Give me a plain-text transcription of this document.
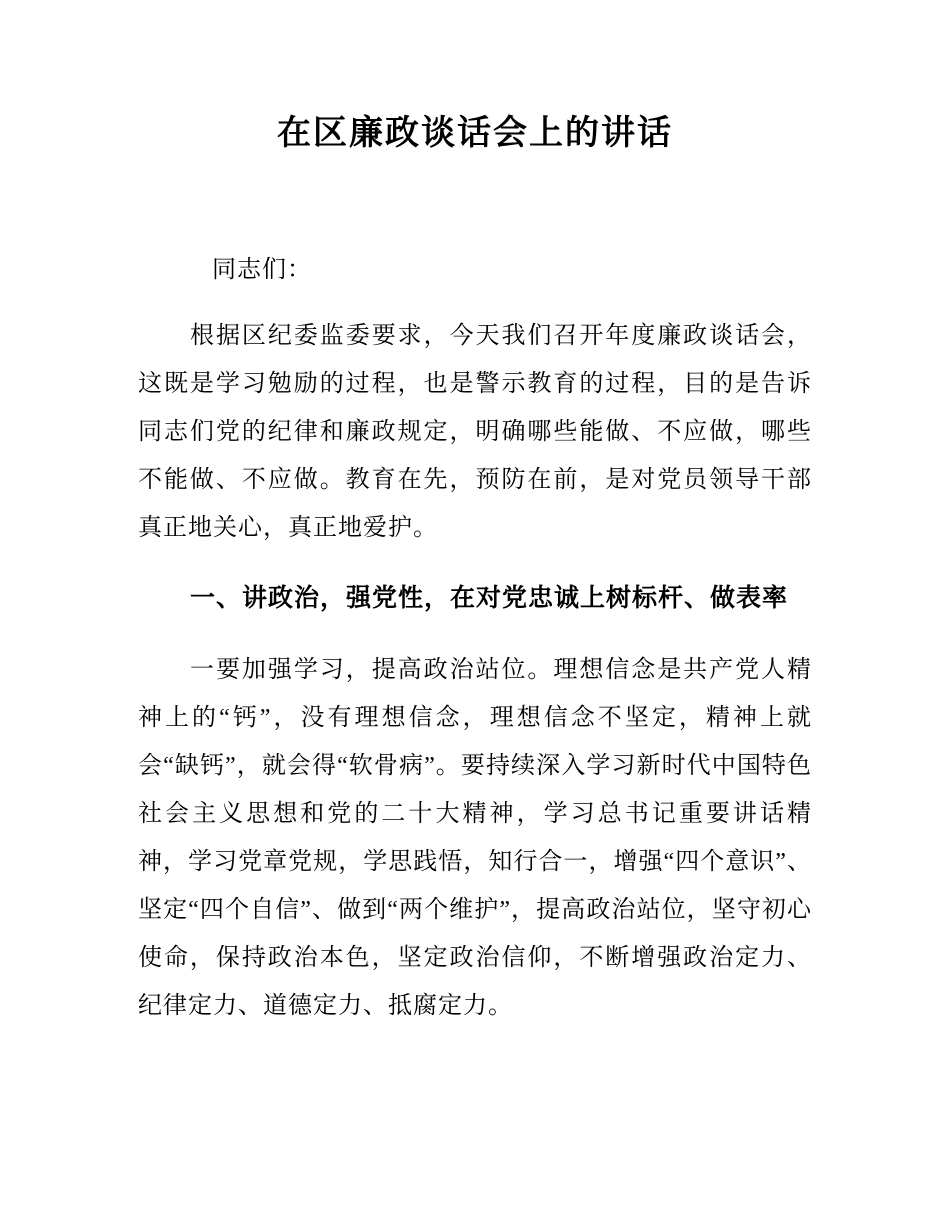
在区廉政谈话会上的讲话

同志们：

根据区纪委监委要求，今天我们召开年度廉政谈话会，这既是学习勉励的过程，也是警示教育的过程，目的是告诉同志们党的纪律和廉政规定，明确哪些能做、不应做，哪些不能做、不应做。教育在先，预防在前，是对党员领导干部真正地关心，真正地爱护。

一、讲政治，强党性，在对党忠诚上树标杆、做表率

一要加强学习，提高政治站位。理想信念是共产党人精神上的“钙”，没有理想信念，理想信念不坚定，精神上就会“缺钙”，就会得“软骨病”。要持续深入学习新时代中国特色社会主义思想和党的二十大精神，学习总书记重要讲话精神，学习党章党规，学思践悟，知行合一，增强“四个意识”、坚定“四个自信”、做到“两个维护”，提高政治站位，坚守初心使命，保持政治本色，坚定政治信仰，不断增强政治定力、纪律定力、道德定力、抵腐定力。
